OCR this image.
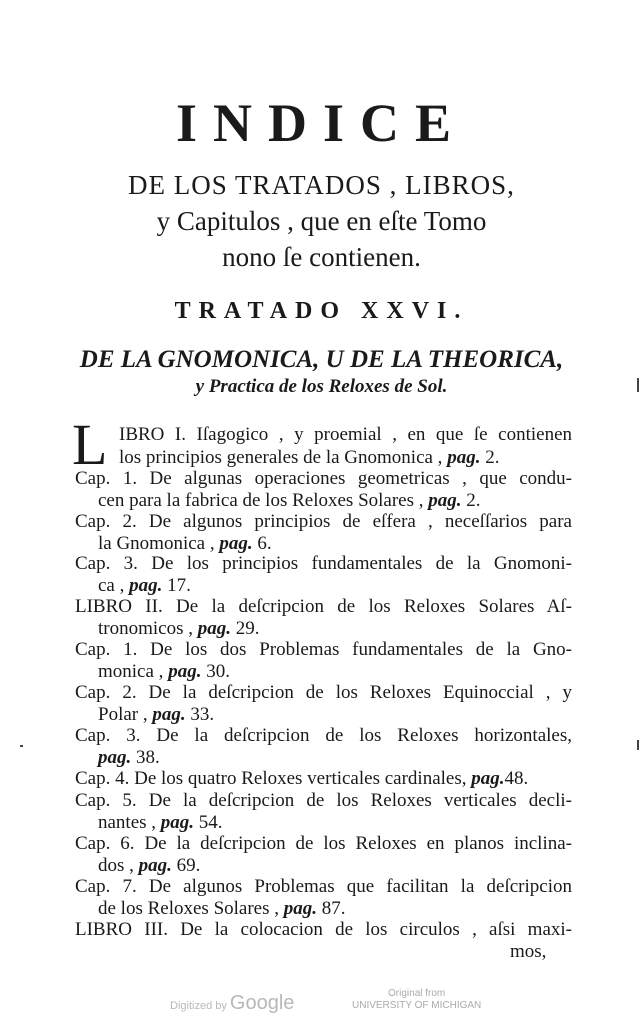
INDICE
DE LOS TRATADOS , LIBROS,
y Capitulos , que en eſte Tomo
nono ſe contienen.
TRATADO XXVI.
DE LA GNOMONICA, U DE LA THEORICA,
y Practica de los Reloxes de Sol.
L IBRO I. Iſagogico , y proemial , en que ſe contienen
los principios generales de la Gnomonica , pag. 2.
Cap. 1. De algunas operaciones geometricas , que condu-
cen para la fabrica de los Reloxes Solares , pag. 2.
Cap. 2. De algunos principios de eſfera , neceſſarios para
la Gnomonica , pag. 6.
Cap. 3. De los principios fundamentales de la Gnomoni-
ca , pag. 17.
LIBRO II. De la deſcripcion de los Reloxes Solares Aſ-
tronomicos , pag. 29.
Cap. 1. De los dos Problemas fundamentales de la Gno-
monica , pag. 30.
Cap. 2. De la deſcripcion de los Reloxes Equinoccial , y
Polar , pag. 33.
Cap. 3. De la deſcripcion de los Reloxes horizontales,
pag. 38.
Cap. 4. De los quatro Reloxes verticales cardinales, pag.48.
Cap. 5. De la deſcripcion de los Reloxes verticales decli-
nantes , pag. 54.
Cap. 6. De la deſcripcion de los Reloxes en planos inclina-
dos , pag. 69.
Cap. 7. De algunos Problemas que facilitan la deſcripcion
de los Reloxes Solares , pag. 87.
LIBRO III. De la colocacion de los circulos , aſsi maxi-
mos,
Digitized by Google	Original from
UNIVERSITY OF MICHIGAN
